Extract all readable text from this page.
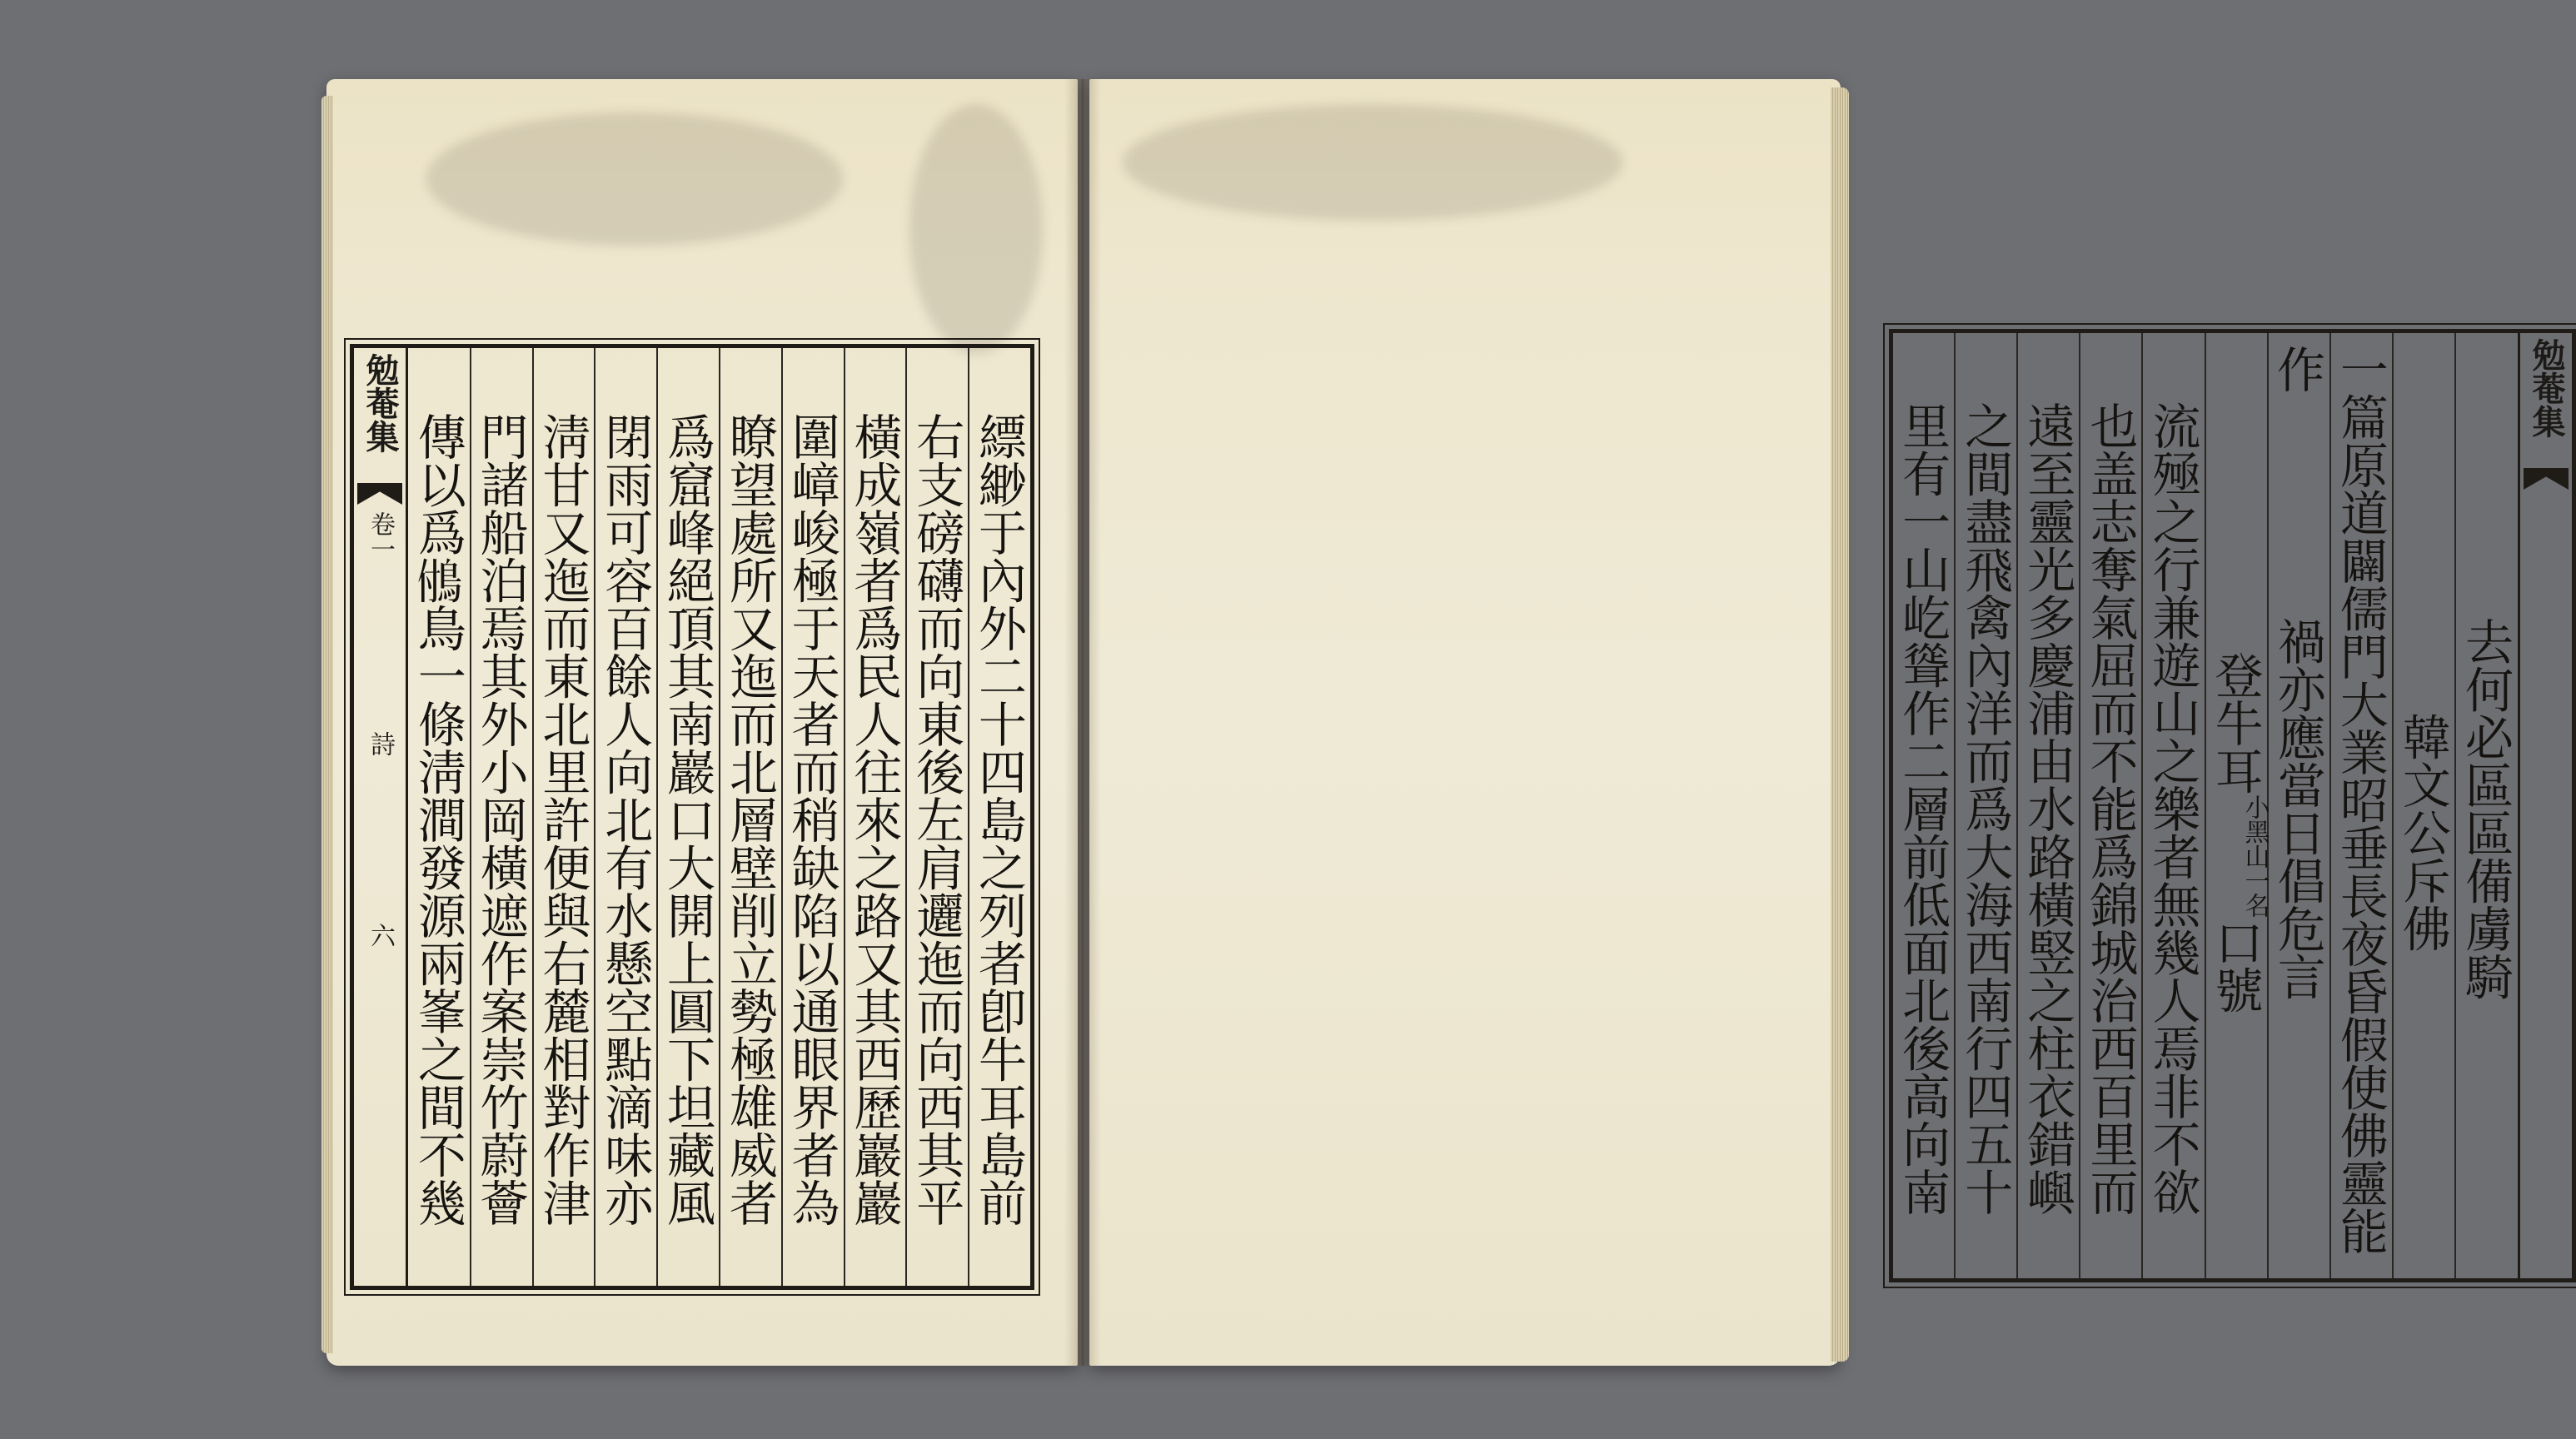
勉菴集
卷一
詩
六	縹緲于內外二十四島之列者卽牛耳島前
右支磅礴而向東後左肩邐迤而向西其平
橫成嶺者爲民人往來之路又其西歷巖巖
圍嶂峻極于天者而稍缺陷以通眼界者為
瞭望處所又迤而北層壁削立勢極雄威者
爲窟峰絕頂其南巖口大開上圓下坦藏風
閉雨可容百餘人向北有水懸空點滴味亦
淸甘又迤而東北里許便與右麓相對作津
門諸船泊焉其外小岡橫遮作案崇竹蔚薈
傳以爲𩿧鳥一條淸澗發源兩峯之間不幾
勉菴集
去何必區區備虜騎
　韓文公斥佛
一篇原道闢儒門大業昭垂長夜昏假使佛靈能作
禍亦應當日倡危言
　登牛耳
小黑山一名
口號
流殛之行兼遊山之樂者無幾人焉非不欲
也盖志奪氣屈而不能爲錦城治西百里而
遠至靈光多慶浦由水路橫竪之柱衣錯嶼
之間盡飛禽內洋而爲大海西南行四五十
里有一山屹聳作二層前低面北後高向南
